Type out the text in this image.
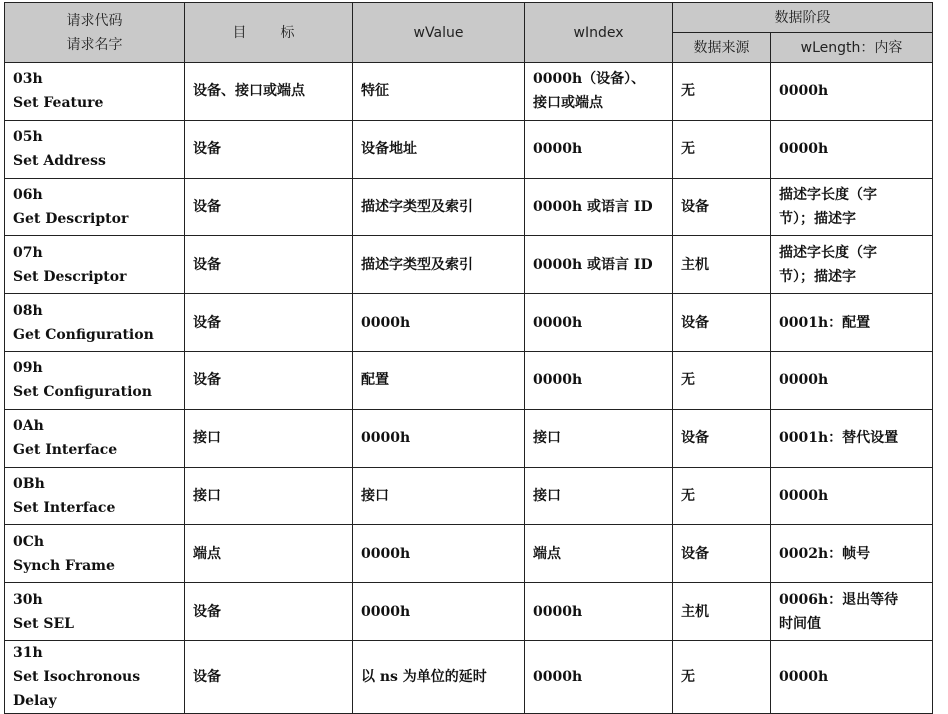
请求代码
请求名字	目　标	wValue	wIndex	数据阶段	
				数据来源	wLength：内容

03h
Set Feature	设备、接口或端点	特征	0000h（设备）、
接口或端点	无	0000h

05h
Set Address	设备	设备地址	0000h	无	0000h

06h
Get Descriptor	设备	描述字类型及索引	0000h 或语言 ID	设备	描述字长度（字
节）；描述字

07h
Set Descriptor	设备	描述字类型及索引	0000h 或语言 ID	主机	描述字长度（字
节）；描述字

08h
Get Configuration	设备	0000h	0000h	设备	0001h：配置

09h
Set Configuration	设备	配置	0000h	无	0000h

0Ah
Get Interface	接口	0000h	接口	设备	0001h：替代设置

0Bh
Set Interface	接口	接口	接口	无	0000h

0Ch
Synch Frame	端点	0000h	端点	设备	0002h：帧号

30h
Set SEL	设备	0000h	0000h	主机	0006h：退出等待
时间值

31h
Set Isochronous Delay	设备	以 ns 为单位的延时	0000h	无	0000h
